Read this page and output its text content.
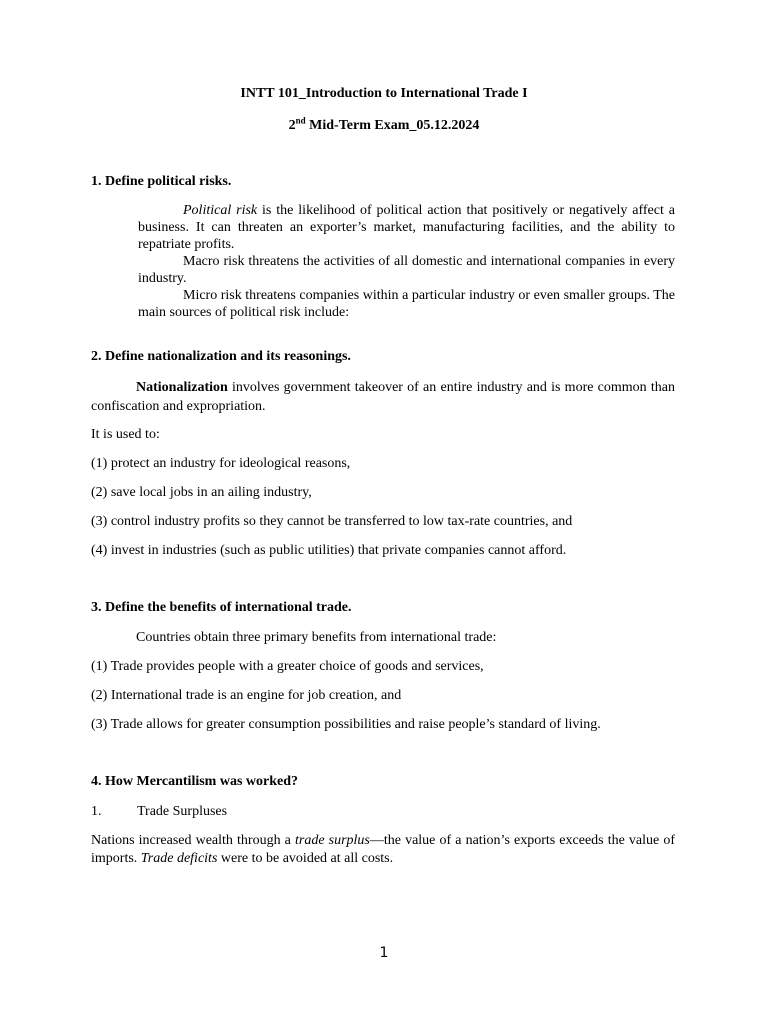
INTT 101_Introduction to International Trade I

2nd Mid-Term Exam_05.12.2024

1. Define political risks.

Political risk is the likelihood of political action that positively or negatively affect a business. It can threaten an exporter’s market, manufacturing facilities, and the ability to repatriate profits.
Macro risk threatens the activities of all domestic and international companies in every industry.
Micro risk threatens companies within a particular industry or even smaller groups. The main sources of political risk include:

2. Define nationalization and its reasonings.

Nationalization involves government takeover of an entire industry and is more common than confiscation and expropriation.

It is used to:

(1) protect an industry for ideological reasons,

(2) save local jobs in an ailing industry,

(3) control industry profits so they cannot be transferred to low tax-rate countries, and

(4) invest in industries (such as public utilities) that private companies cannot afford.

3. Define the benefits of international trade.

Countries obtain three primary benefits from international trade:

(1) Trade provides people with a greater choice of goods and services,

(2) International trade is an engine for job creation, and

(3) Trade allows for greater consumption possibilities and raise people’s standard of living.

4. How Mercantilism was worked?

1.	Trade Surpluses

Nations increased wealth through a trade surplus—the value of a nation’s exports exceeds the value of imports. Trade deficits were to be avoided at all costs.

1
